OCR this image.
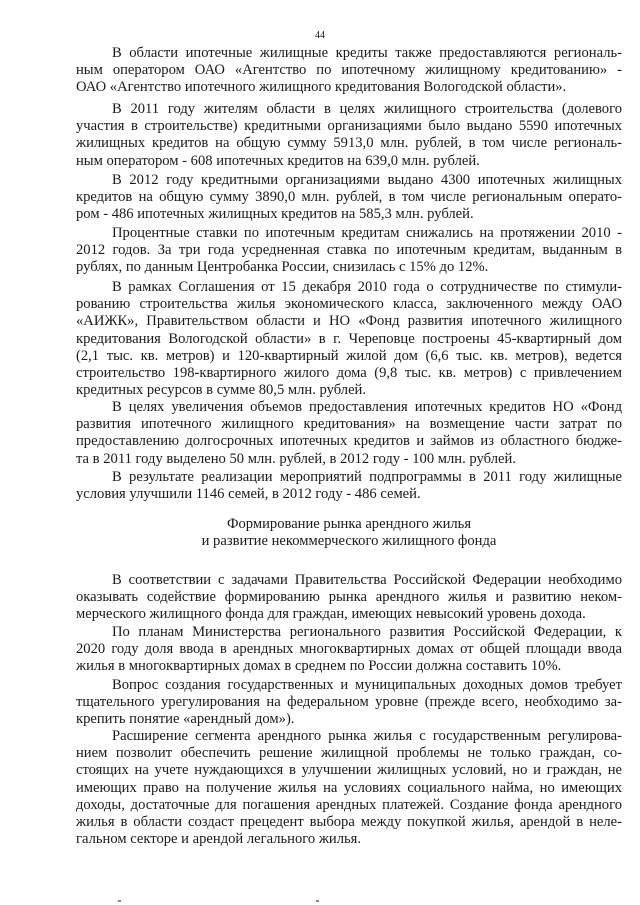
44
В области ипотечные жилищные кредиты также предоставляются региональ-
ным оператором ОАО «Агентство по ипотечному жилищному кредитованию» -
ОАО «Агентство ипотечного жилищного кредитования Вологодской области».
В 2011 году жителям области в целях жилищного строительства (долевого
участия в строительстве) кредитными организациями было выдано 5590 ипотечных
жилищных кредитов на общую сумму 5913,0 млн. рублей, в том числе региональ-
ным оператором - 608 ипотечных кредитов на 639,0 млн. рублей.
В 2012 году кредитными организациями выдано 4300 ипотечных жилищных
кредитов на общую сумму 3890,0 млн. рублей, в том числе региональным операто-
ром - 486 ипотечных жилищных кредитов на 585,3 млн. рублей.
Процентные ставки по ипотечным кредитам снижались на протяжении 2010 -
2012 годов. За три года усредненная ставка по ипотечным кредитам, выданным в
рублях, по данным Центробанка России, снизилась с 15% до 12%.
В рамках Соглашения от 15 декабря 2010 года о сотрудничестве по стимули-
рованию строительства жилья экономического класса, заключенного между ОАО
«АИЖК», Правительством области и НО «Фонд развития ипотечного жилищного
кредитования Вологодской области» в г. Череповце построены 45-квартирный дом
(2,1 тыс. кв. метров) и 120-квартирный жилой дом (6,6 тыс. кв. метров), ведется
строительство 198-квартирного жилого дома (9,8 тыс. кв. метров) с привлечением
кредитных ресурсов в сумме 80,5 млн. рублей.
В целях увеличения объемов предоставления ипотечных кредитов НО «Фонд
развития ипотечного жилищного кредитования» на возмещение части затрат по
предоставлению долгосрочных ипотечных кредитов и займов из областного бюдже-
та в 2011 году выделено 50 млн. рублей, в 2012 году - 100 млн. рублей.
В результате реализации мероприятий подпрограммы в 2011 году жилищные
условия улучшили 1146 семей, в 2012 году - 486 семей.
Формирование рынка арендного жилья
и развитие некоммерческого жилищного фонда
В соответствии с задачами Правительства Российской Федерации необходимо
оказывать содействие формированию рынка арендного жилья и развитию неком-
мерческого жилищного фонда для граждан, имеющих невысокий уровень дохода.
По планам Министерства регионального развития Российской Федерации, к
2020 году доля ввода в арендных многоквартирных домах от общей площади ввода
жилья в многоквартирных домах в среднем по России должна составить 10%.
Вопрос создания государственных и муниципальных доходных домов требует
тщательного урегулирования на федеральном уровне (прежде всего, необходимо за-
крепить понятие «арендный дом»).
Расширение сегмента арендного рынка жилья с государственным регулирова-
нием позволит обеспечить решение жилищной проблемы не только граждан, со-
стоящих на учете нуждающихся в улучшении жилищных условий, но и граждан, не
имеющих право на получение жилья на условиях социального найма, но имеющих
доходы, достаточные для погашения арендных платежей. Создание фонда арендного
жилья в области создаст прецедент выбора между покупкой жилья, арендой в неле-
гальном секторе и арендой легального жилья.
